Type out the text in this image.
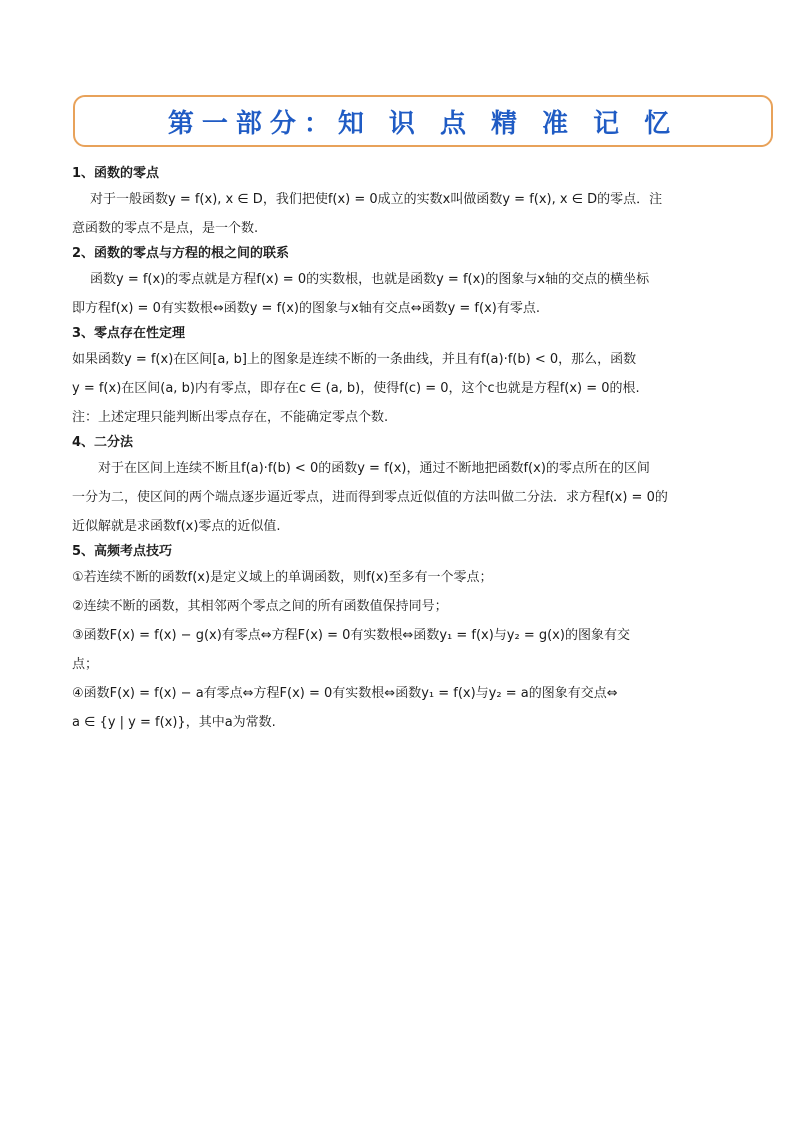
第一部分：知 识 点 精 准 记 忆
1、函数的零点
对于一般函数y = f(x), x ∈ D，我们把使f(x) = 0成立的实数x叫做函数y = f(x), x ∈ D的零点．注
意函数的零点不是点，是一个数.
2、函数的零点与方程的根之间的联系
函数y = f(x)的零点就是方程f(x) = 0的实数根，也就是函数y = f(x)的图象与x轴的交点的横坐标
即方程f(x) = 0有实数根⇔函数y = f(x)的图象与x轴有交点⇔函数y = f(x)有零点.
3、零点存在性定理
如果函数y = f(x)在区间[a, b]上的图象是连续不断的一条曲线，并且有f(a)·f(b) < 0，那么，函数
y = f(x)在区间(a, b)内有零点，即存在c ∈ (a, b)，使得f(c) = 0，这个c也就是方程f(x) = 0的根.
注：上述定理只能判断出零点存在，不能确定零点个数.
4、二分法
对于在区间上连续不断且f(a)·f(b) < 0的函数y = f(x)，通过不断地把函数f(x)的零点所在的区间
一分为二，使区间的两个端点逐步逼近零点，进而得到零点近似值的方法叫做二分法．求方程f(x) = 0的
近似解就是求函数f(x)零点的近似值.
5、高频考点技巧
①若连续不断的函数f(x)是定义域上的单调函数，则f(x)至多有一个零点；
②连续不断的函数，其相邻两个零点之间的所有函数值保持同号；
③函数F(x) = f(x) − g(x)有零点⇔方程F(x) = 0有实数根⇔函数y₁ = f(x)与y₂ = g(x)的图象有交
点；
④函数F(x) = f(x) − a有零点⇔方程F(x) = 0有实数根⇔函数y₁ = f(x)与y₂ = a的图象有交点⇔
a ∈ {y | y = f(x)}，其中a为常数.
